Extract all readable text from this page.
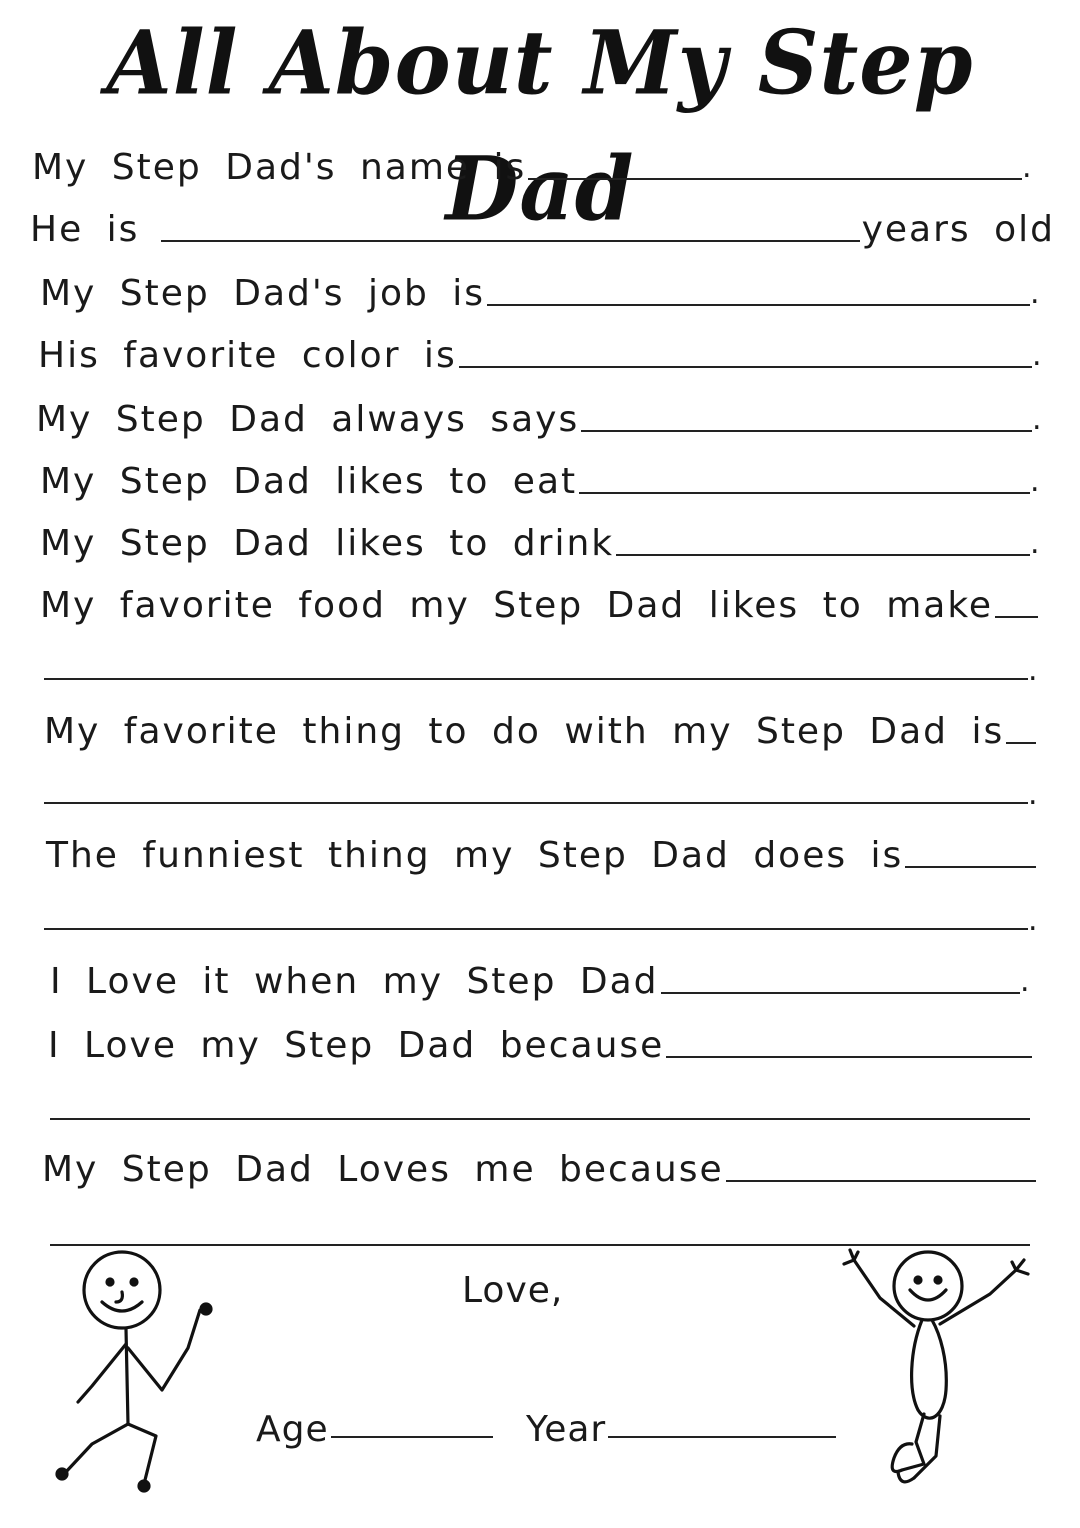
All About My Step Dad
My Step Dad's name is	.
He is	years old
My Step Dad's job is	.
His favorite color is	.
My Step Dad always says	.
My Step Dad likes to eat	.
My Step Dad likes to drink	.
My favorite food my Step Dad likes to make
.
My favorite thing to do with my Step Dad is
.
The funniest thing my Step Dad does is
.
I Love it when my Step Dad	.
I Love my Step Dad because
My Step Dad Loves me because
Love,
Age	Year
